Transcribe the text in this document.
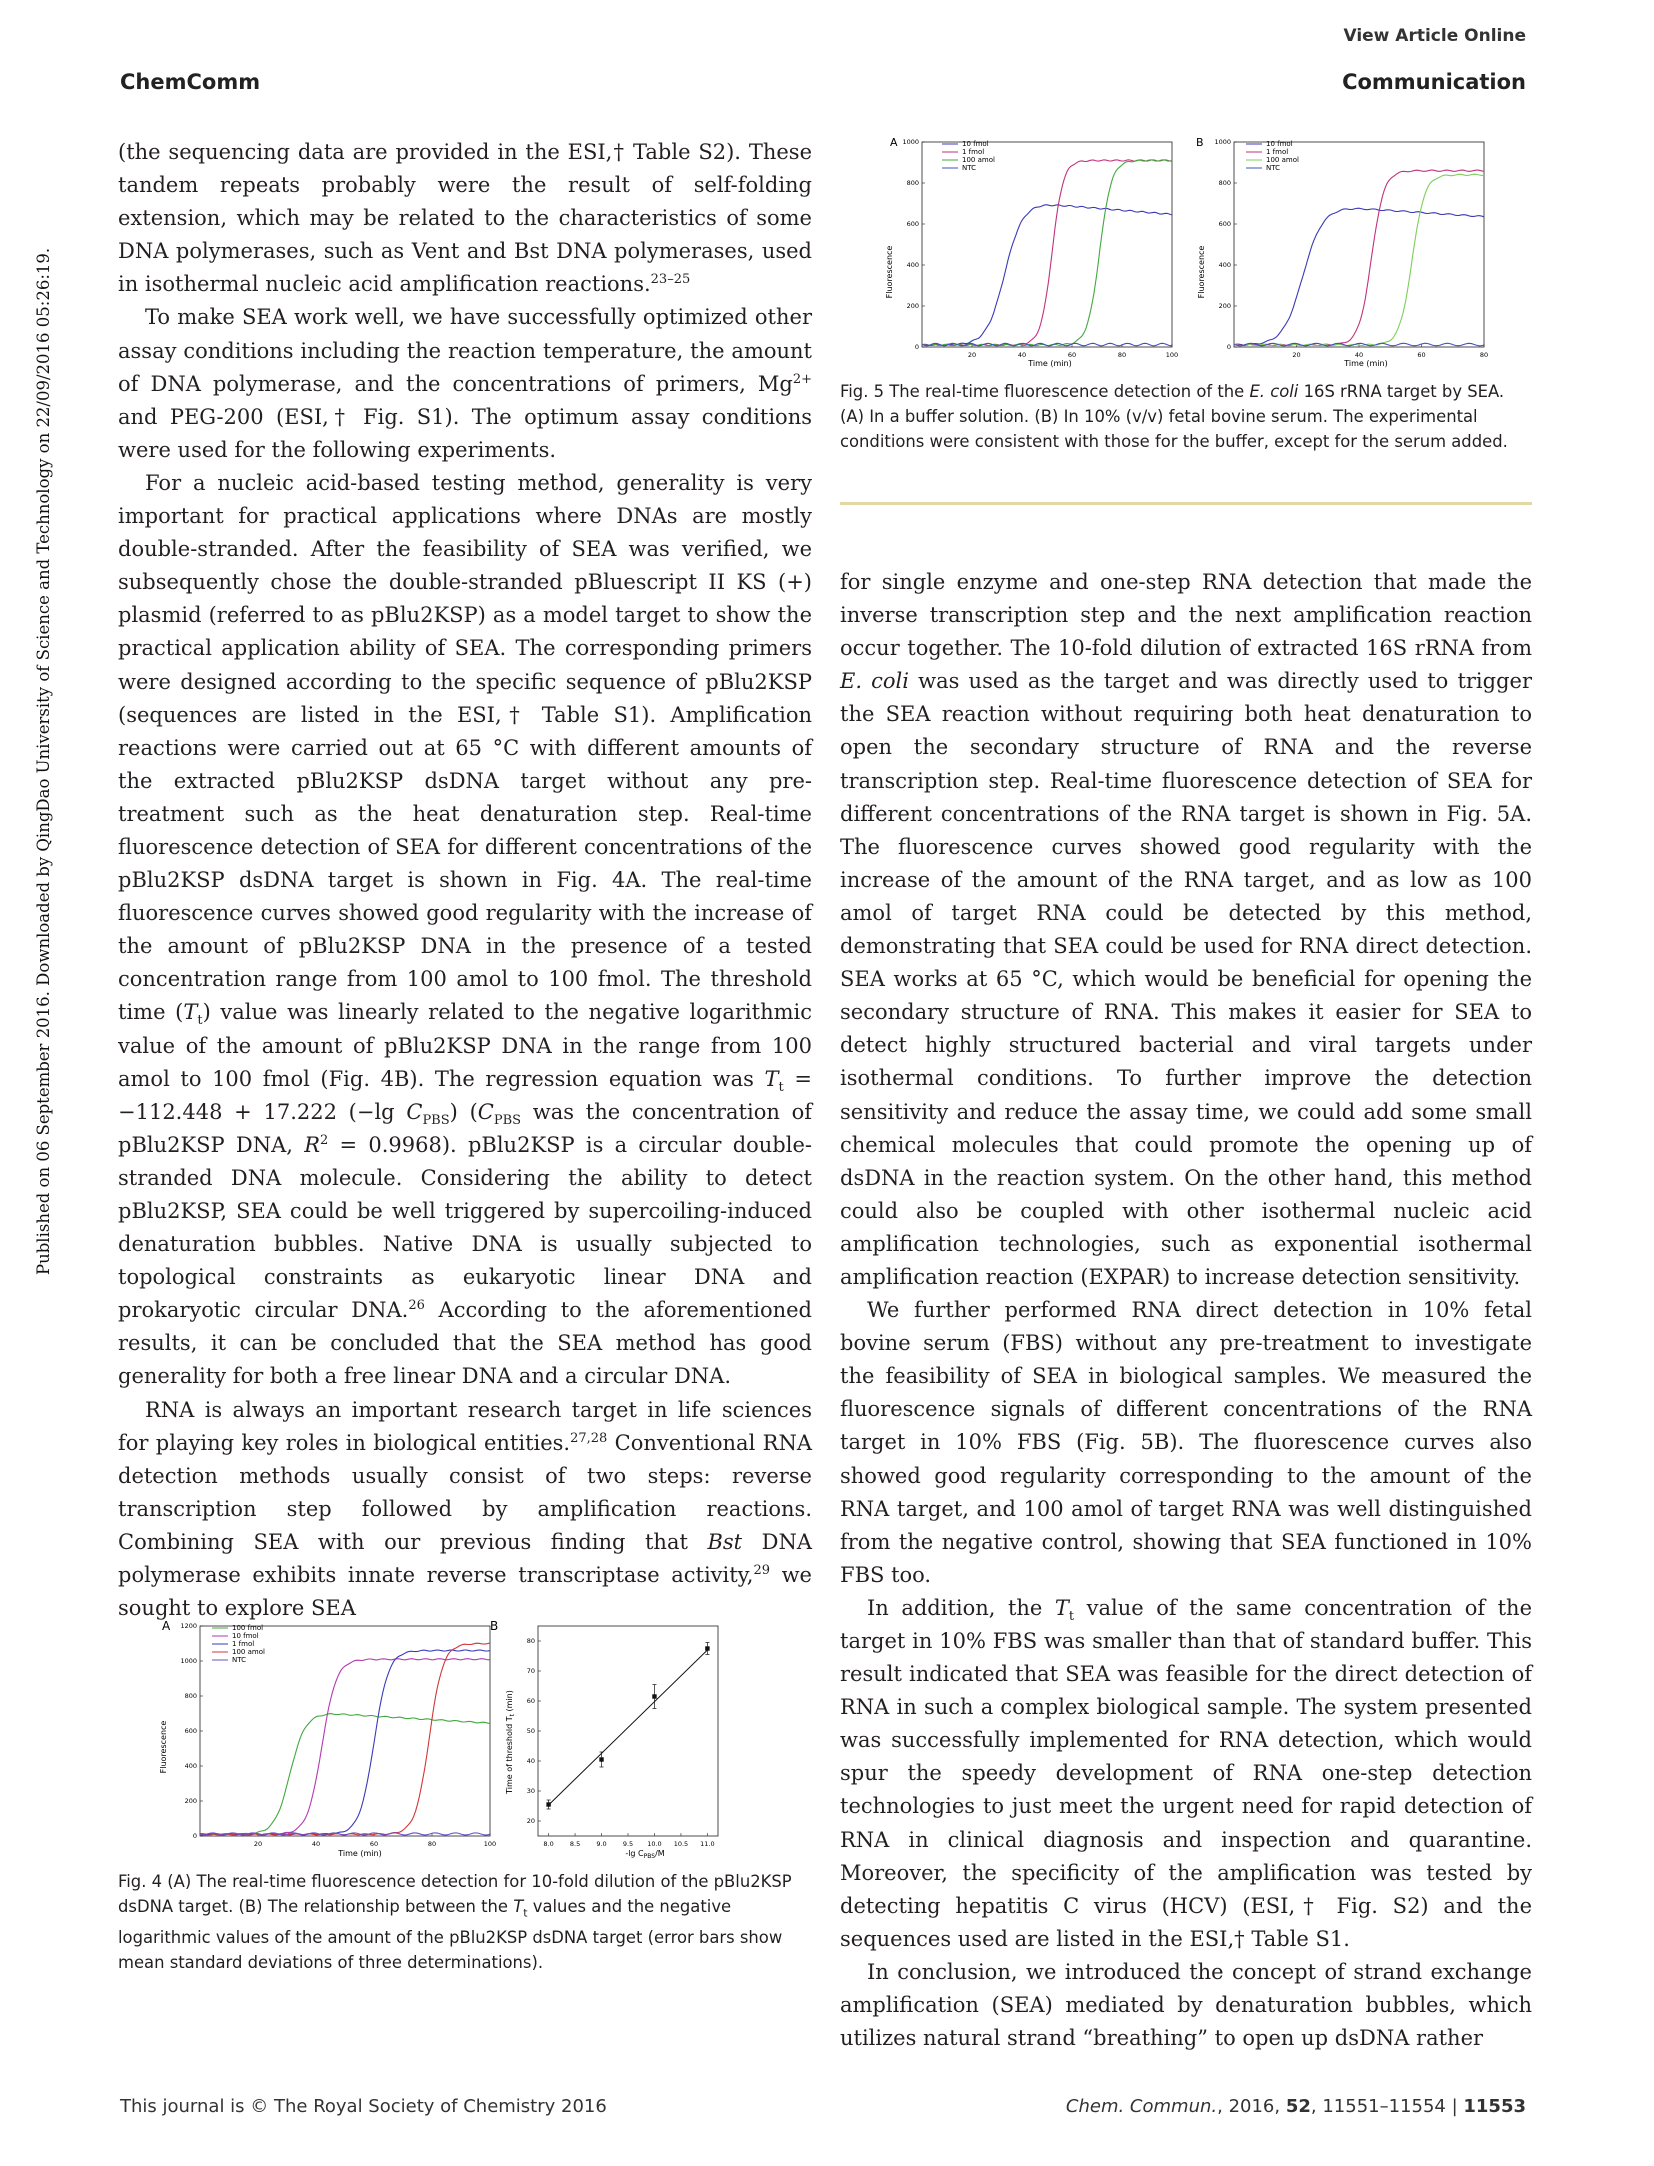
View Article Online
ChemComm	Communication
Published on 06 September 2016. Downloaded by QingDao University of Science and Technology on 22/09/2016 05:26:19.

(the sequencing data are provided in the ESI,† Table S2). These tandem repeats probably were the result of self-folding extension, which may be related to the characteristics of some DNA polymerases, such as Vent and Bst DNA polymerases, used in isothermal nucleic acid amplification reactions.$^{23-25}$

To make SEA work well, we have successfully optimized other assay conditions including the reaction temperature, the amount of DNA polymerase, and the concentrations of primers, $Mg^{2+}$ and PEG-200 (ESI,† Fig. S1). The optimum assay conditions were used for the following experiments.

For a nucleic acid-based testing method, generality is very important for practical applications where DNAs are mostly double-stranded. After the feasibility of SEA was verified, we subsequently chose the double-stranded pBluescript II KS (+) plasmid (referred to as pBlu2KSP) as a model target to show the practical application ability of SEA. The corresponding primers were designed according to the specific sequence of pBlu2KSP (sequences are listed in the ESI,† Table S1). Amplification reactions were carried out at 65 °C with different amounts of the extracted pBlu2KSP dsDNA target without any pre-treatment such as the heat denaturation step. Real-time fluorescence detection of SEA for different concentrations of the pBlu2KSP dsDNA target is shown in Fig. 4A. The real-time fluorescence curves showed good regularity with the increase of the amount of pBlu2KSP DNA in the presence of a tested concentration range from 100 amol to 100 fmol. The threshold time $(T_t)$ value was linearly related to the negative logarithmic value of the amount of pBlu2KSP DNA in the range from 100 amol to 100 fmol (Fig. 4B). The regression equation was $T_t = -112.448 + 17.222$ (−lg $C_{PBS}$) ($C_{PBS}$ was the concentration of pBlu2KSP DNA, $R^2 = 0.9968$). pBlu2KSP is a circular double-stranded DNA molecule. Considering the ability to detect pBlu2KSP, SEA could be well triggered by supercoiling-induced denaturation bubbles. Native DNA is usually subjected to topological constraints as eukaryotic linear DNA and prokaryotic circular DNA.$^{26}$ According to the aforementioned results, it can be concluded that the SEA method has good generality for both a free linear DNA and a circular DNA.

RNA is always an important research target in life sciences for playing key roles in biological entities.$^{27,28}$ Conventional RNA detection methods usually consist of two steps: reverse transcription step followed by amplification reactions. Combining SEA with our previous finding that Bst DNA polymerase exhibits innate reverse transcriptase activity,$^{29}$ we sought to explore SEA

for single enzyme and one-step RNA detection that made the inverse transcription step and the next amplification reaction occur together. The 10-fold dilution of extracted 16S rRNA from E. coli was used as the target and was directly used to trigger the SEA reaction without requiring both heat denaturation to open the secondary structure of RNA and the reverse transcription step. Real-time fluorescence detection of SEA for different concentrations of the RNA target is shown in Fig. 5A. The fluorescence curves showed good regularity with the increase of the amount of the RNA target, and as low as 100 amol of target RNA could be detected by this method, demonstrating that SEA could be used for RNA direct detection. SEA works at 65 °C, which would be beneficial for opening the secondary structure of RNA. This makes it easier for SEA to detect highly structured bacterial and viral targets under isothermal conditions. To further improve the detection sensitivity and reduce the assay time, we could add some small chemical molecules that could promote the opening up of dsDNA in the reaction system. On the other hand, this method could also be coupled with other isothermal nucleic acid amplification technologies, such as exponential isothermal amplification reaction (EXPAR) to increase detection sensitivity.

We further performed RNA direct detection in 10% fetal bovine serum (FBS) without any pre-treatment to investigate the feasibility of SEA in biological samples. We measured the fluorescence signals of different concentrations of the RNA target in 10% FBS (Fig. 5B). The fluorescence curves also showed good regularity corresponding to the amount of the RNA target, and 100 amol of target RNA was well distinguished from the negative control, showing that SEA functioned in 10% FBS too.

In addition, the $T_t$ value of the same concentration of the target in 10% FBS was smaller than that of standard buffer. This result indicated that SEA was feasible for the direct detection of RNA in such a complex biological sample. The system presented was successfully implemented for RNA detection, which would spur the speedy development of RNA one-step detection technologies to just meet the urgent need for rapid detection of RNA in clinical diagnosis and inspection and quarantine. Moreover, the specificity of the amplification was tested by detecting hepatitis C virus (HCV) (ESI,† Fig. S2) and the sequences used are listed in the ESI,† Table S1.

In conclusion, we introduced the concept of strand exchange amplification (SEA) mediated by denaturation bubbles, which utilizes natural strand “breathing” to open up dsDNA rather

A
Fluorescence
20	40	60	80	100
0
200
400
600
800
1000
Time (min)
10 fmol
1 fmol
100 amol
NTC
B
Fluorescence
20	40	60	80
0
200
400
600
800
1000
Time (min)
10 fmol
1 fmol
100 amol
NTC
Fig. 5 The real-time fluorescence detection of the E. coli 16S rRNA target by SEA. (A) In a buffer solution. (B) In 10% (v/v) fetal bovine serum. The experimental conditions were consistent with those for the buffer, except for the serum added.
A
Fluorescence
20	40	60	80	100
0
200
400
600
800
1000
1200
Time (min)
100 fmol
10 fmol
1 fmol
100 amol
NTC
B
Time of threshold $T_t$ (min)
8.0 8.5 9.0 9.5 10.0 10.5 11.0
20
30
40
50
60
70
80
-lg $C_{PBS}/M$
Fig. 4 (A) The real-time fluorescence detection for 10-fold dilution of the pBlu2KSP dsDNA target. (B) The relationship between the $T_t$ values and the negative logarithmic values of the amount of the pBlu2KSP dsDNA target (error bars show mean standard deviations of three determinations).
This journal is © The Royal Society of Chemistry 2016	Chem. Commun., 2016, 52, 11551–11554 | 11553
